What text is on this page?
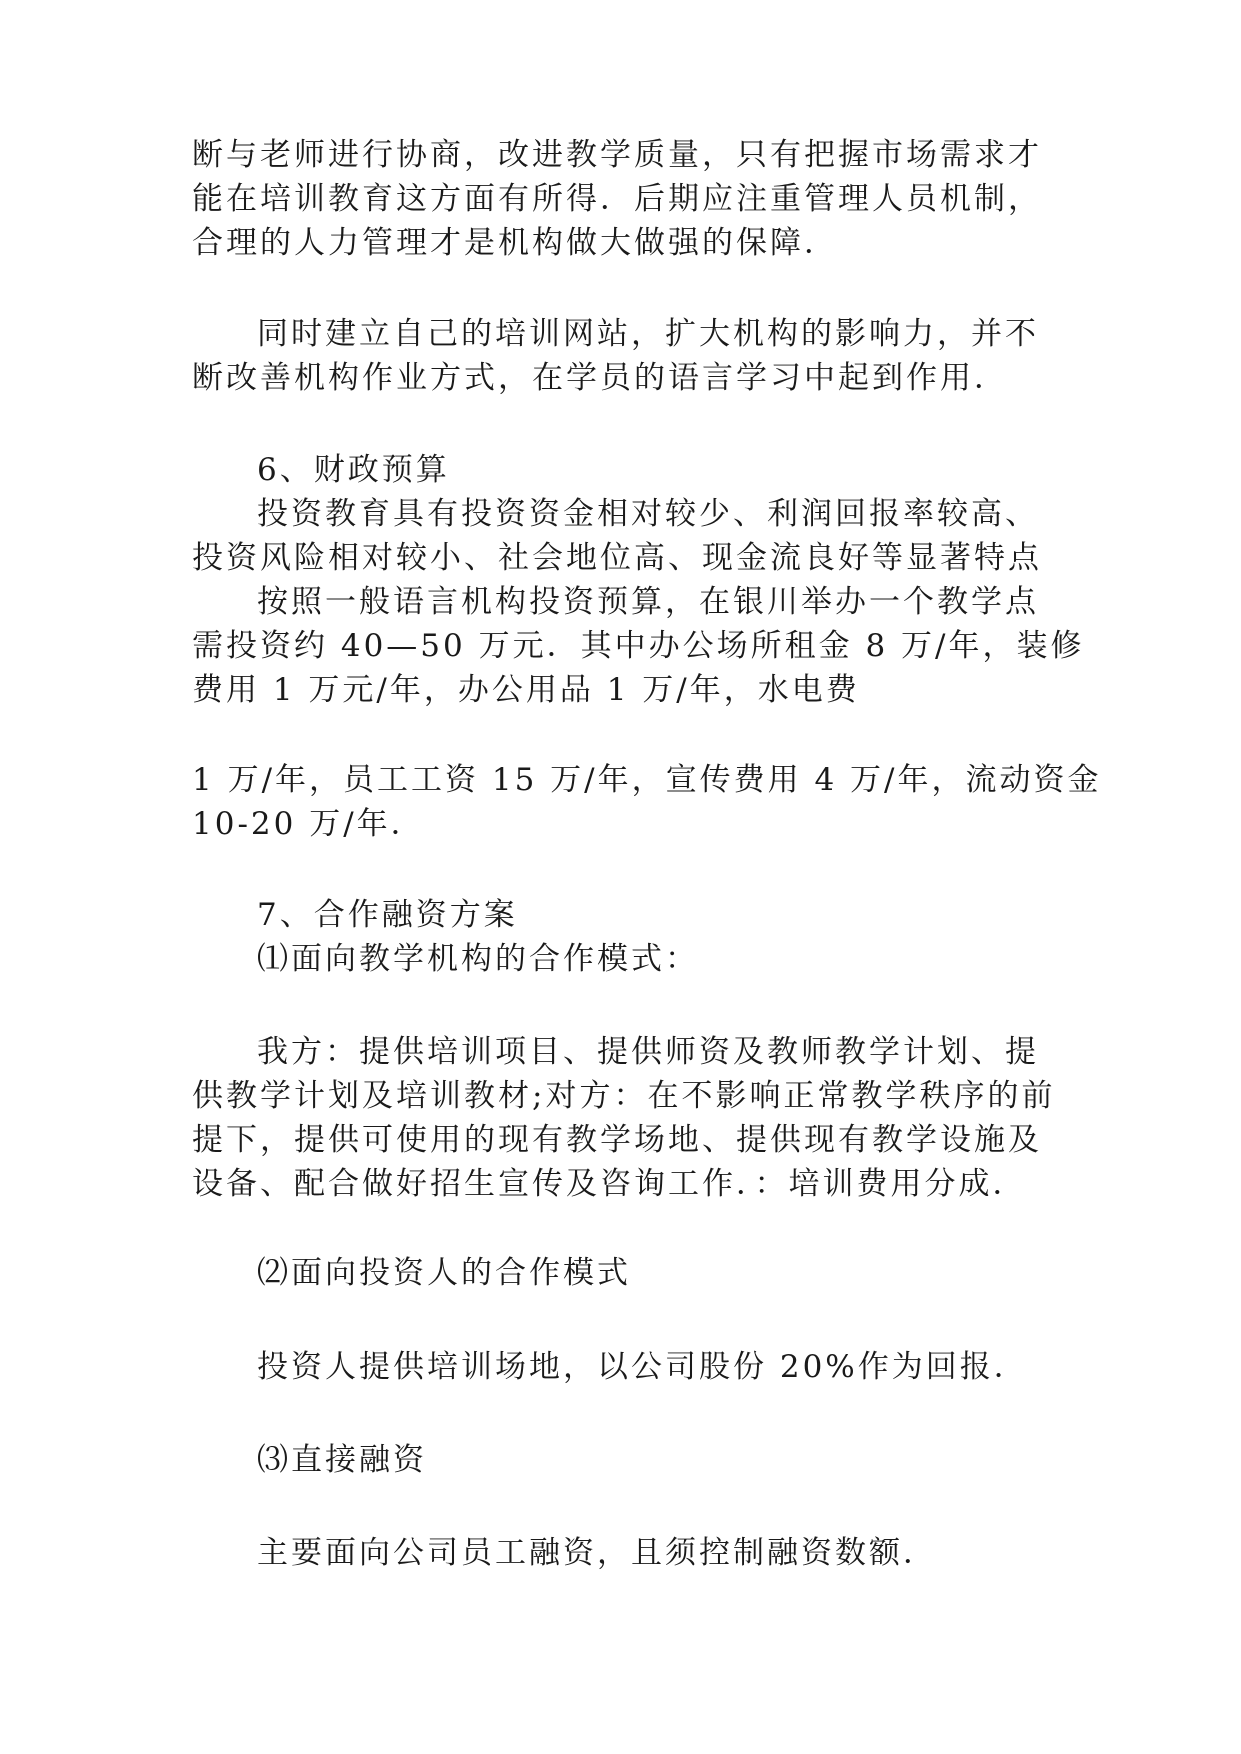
断与老师进行协商，改进教学质量，只有把握市场需求才
能在培训教育这方面有所得．后期应注重管理人员机制，
合理的人力管理才是机构做大做强的保障．
同时建立自己的培训网站，扩大机构的影响力，并不
断改善机构作业方式，在学员的语言学习中起到作用．
6、财政预算
投资教育具有投资资金相对较少、利润回报率较高、
投资风险相对较小、社会地位高、现金流良好等显著特点
按照一般语言机构投资预算，在银川举办一个教学点
需投资约 40—50 万元．其中办公场所租金 8 万/年，装修
费用 1 万元/年，办公用品 1 万/年，水电费
1 万/年，员工工资 15 万/年，宣传费用 4 万/年，流动资金
10-20 万/年．
7、合作融资方案
⑴面向教学机构的合作模式：
我方：提供培训项目、提供师资及教师教学计划、提
供教学计划及培训教材;对方：在不影响正常教学秩序的前
提下，提供可使用的现有教学场地、提供现有教学设施及
设备、配合做好招生宣传及咨询工作．：培训费用分成．
⑵面向投资人的合作模式
投资人提供培训场地，以公司股份 20%作为回报．
⑶直接融资
主要面向公司员工融资，且须控制融资数额．
